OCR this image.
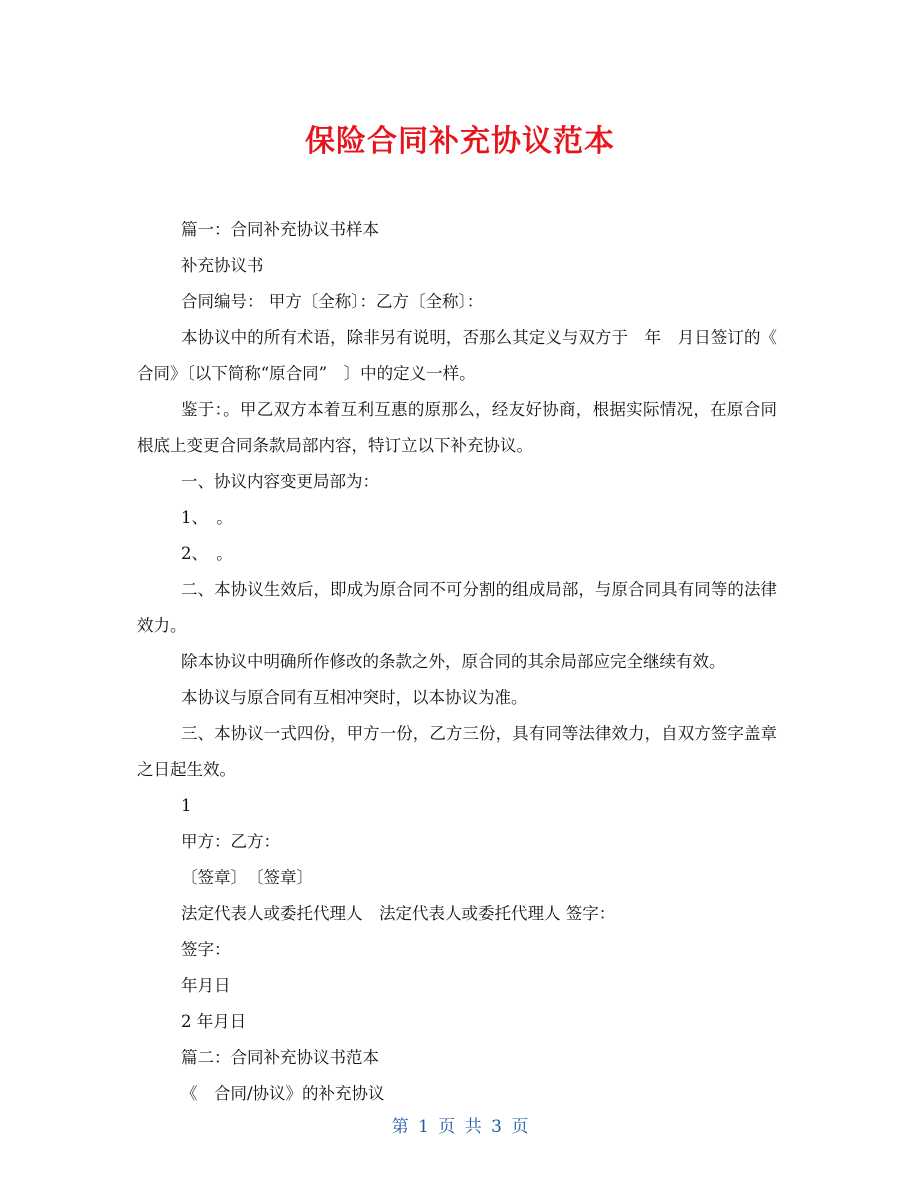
保险合同补充协议范本

篇一：合同补充协议书样本

补充协议书

合同编号： 甲方〔全称〕：乙方〔全称〕：

本协议中的所有术语，除非另有说明，否那么其定义与双方于　年　月日签订的《　合同》〔以下简称“原合同”　〕中的定义一样。

鉴于：。甲乙双方本着互利互惠的原那么，经友好协商，根据实际情况，在原合同根底上变更合同条款局部内容，特订立以下补充协议。

一、协议内容变更局部为：

1、　。

2、　。

二、本协议生效后，即成为原合同不可分割的组成局部，与原合同具有同等的法律效力。

除本协议中明确所作修改的条款之外，原合同的其余局部应完全继续有效。

本协议与原合同有互相冲突时，以本协议为准。

三、本协议一式四份，甲方一份，乙方三份，具有同等法律效力，自双方签字盖章之日起生效。

1

甲方：乙方：

〔签章〕　〔签章〕

法定代表人或委托代理人　法定代表人或委托代理人 签字：

签字：

年月日

2 年月日

篇二：合同补充协议书范本

《　合同/协议》的补充协议

第 1 页 共 3 页
